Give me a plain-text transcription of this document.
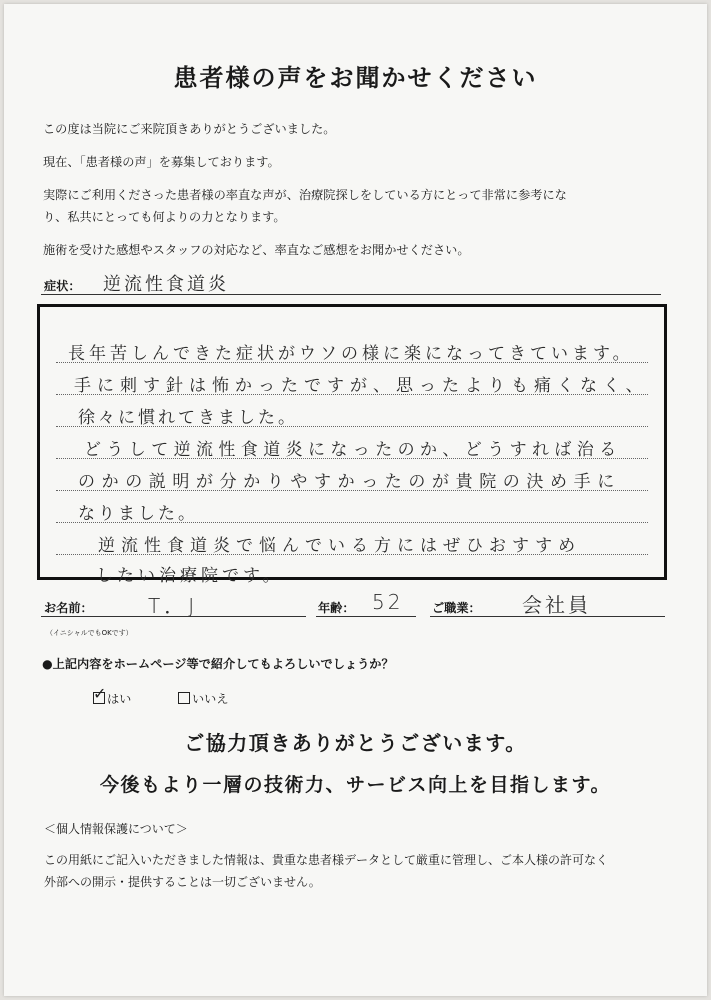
患者様の声をお聞かせください
この度は当院にご来院頂きありがとうございました。
現在、「患者様の声」を募集しております。
実際にご利用くださった患者様の率直な声が、治療院探しをしている方にとって非常に参考にな
り、私共にとっても何よりの力となります。
施術を受けた感想やスタッフの対応など、率直なご感想をお聞かせください。
症状： 逆流性食道炎
長年苦しんできた症状がウソの様に楽になってきています。
手に刺す針は怖かったですが、思ったよりも痛くなく、
徐々に慣れてきました。
どうして逆流性食道炎になったのか、どうすれば治る
のかの説明が分かりやすかったのが貴院の決め手に
なりました。
逆流性食道炎で悩んでいる方にはぜひおすすめ
したい治療院です。
お名前：	T．J	年齢： 52 ご職業： 会社員
（イニシャルでもOKです）
●上記内容をホームページ等で紹介してもよろしいでしょうか？
✓ はい	いいえ
ご協力頂きありがとうございます。
今後もより一層の技術力、サービス向上を目指します。
＜個人情報保護について＞
この用紙にご記入いただきました情報は、貴重な患者様データとして厳重に管理し、ご本人様の許可なく
外部への開示・提供することは一切ございません。
